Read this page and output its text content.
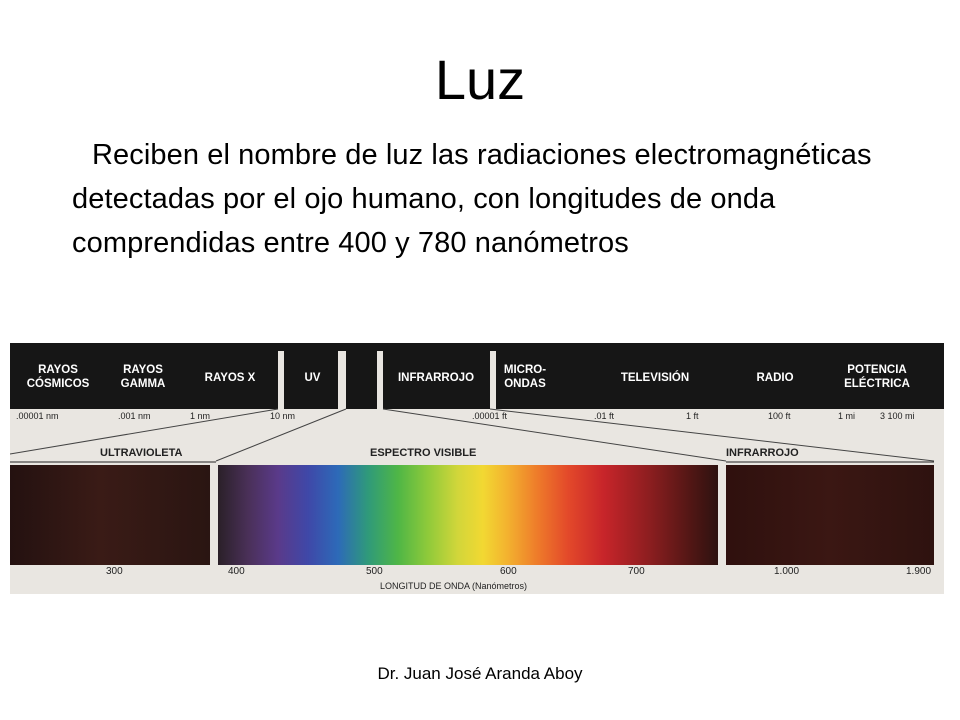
Luz
Reciben el nombre de luz las radiaciones electromagnéticas detectadas por el ojo humano, con longitudes de onda comprendidas entre 400 y 780 nanómetros
RAYOS
CÓSMICOS
RAYOS
GAMMA	RAYOS X	UV	INFRARROJO
MICRO-
ONDAS	TELEVISIÓN	RADIO
POTENCIA
ELÉCTRICA
.00001 nm	.001 nm	1 nm	10 nm	.00001 ft	.01 ft	1 ft	100 ft	1 mi	3 100 mi
ULTRAVIOLETA	ESPECTRO VISIBLE	INFRARROJO
300	400	500	600	700	1.000	1.900
LONGITUD DE ONDA (Nanómetros)
Dr. Juan José Aranda Aboy
